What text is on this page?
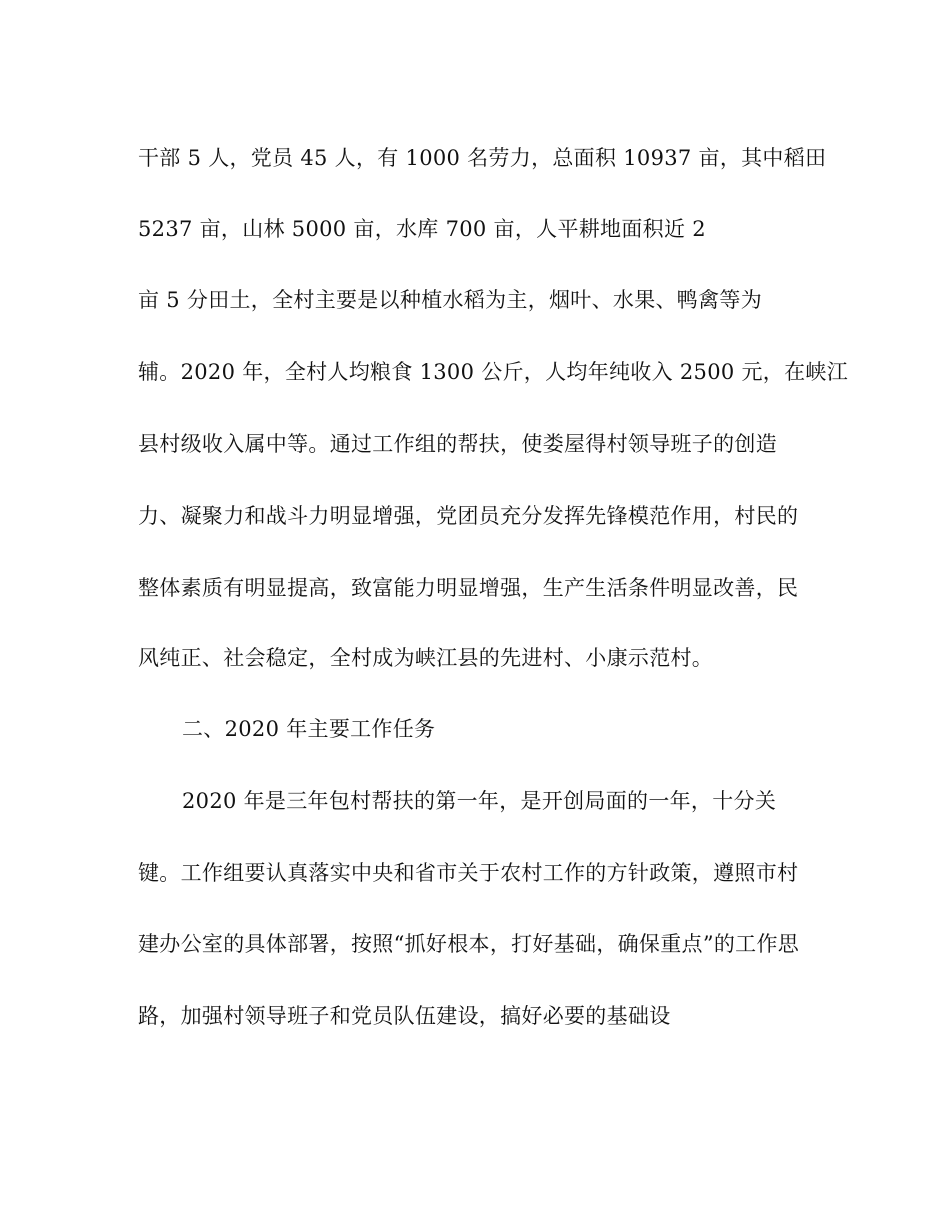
干部 5 人，党员 45 人，有 1000 名劳力，总面积 10937 亩，其中稻田
5237 亩，山林 5000 亩，水库 700 亩，人平耕地面积近 2
亩 5 分田土，全村主要是以种植水稻为主，烟叶、水果、鸭禽等为
辅。2020 年，全村人均粮食 1300 公斤，人均年纯收入 2500 元，在峡江
县村级收入属中等。通过工作组的帮扶，使娄屋得村领导班子的创造
力、凝聚力和战斗力明显增强，党团员充分发挥先锋模范作用，村民的
整体素质有明显提高，致富能力明显增强，生产生活条件明显改善，民
风纯正、社会稳定，全村成为峡江县的先进村、小康示范村。
二、2020 年主要工作任务
2020 年是三年包村帮扶的第一年，是开创局面的一年，十分关
键。工作组要认真落实中央和省市关于农村工作的方针政策，遵照市村
建办公室的具体部署，按照“抓好根本，打好基础，确保重点”的工作思
路，加强村领导班子和党员队伍建设，搞好必要的基础设
